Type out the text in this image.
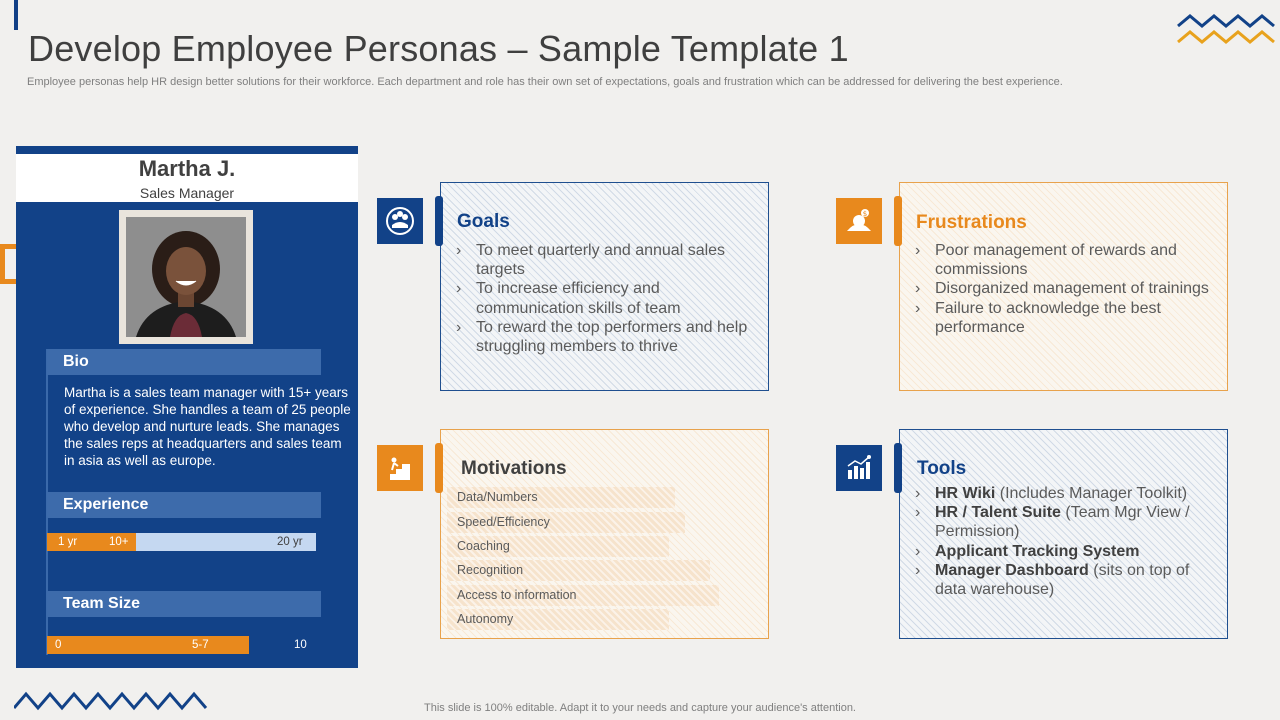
Develop Employee Personas – Sample Template 1
Employee personas help HR design better solutions for their workforce. Each department and role has their own set of expectations, goals and frustration which can be addressed for delivering the best experience.
This slide is 100% editable. Adapt it to your needs and capture your audience's attention.
Martha J.
Sales Manager
Bio
Martha is a sales team manager with 15+ years of experience. She handles a team of 25 people who develop and nurture leads. She manages the sales reps at headquarters and sales team in asia as well as europe.
Experience
1 yr	10+	20 yr
Team Size
0	5-7	10
Goals
› To meet quarterly and annual sales targets
› To increase efficiency and communication skills of team
› To reward the top performers and help struggling members to thrive
$	Frustrations
› Poor management of rewards and commissions
› Disorganized management of trainings
› Failure to acknowledge the best performance
Motivations
Data/Numbers
Speed/Efficiency
Coaching
Recognition
Access to information
Autonomy
Tools
› HR Wiki (Includes Manager Toolkit)
› HR / Talent Suite (Team Mgr View / Permission)
› Applicant Tracking System
› Manager Dashboard (sits on top of data warehouse)
